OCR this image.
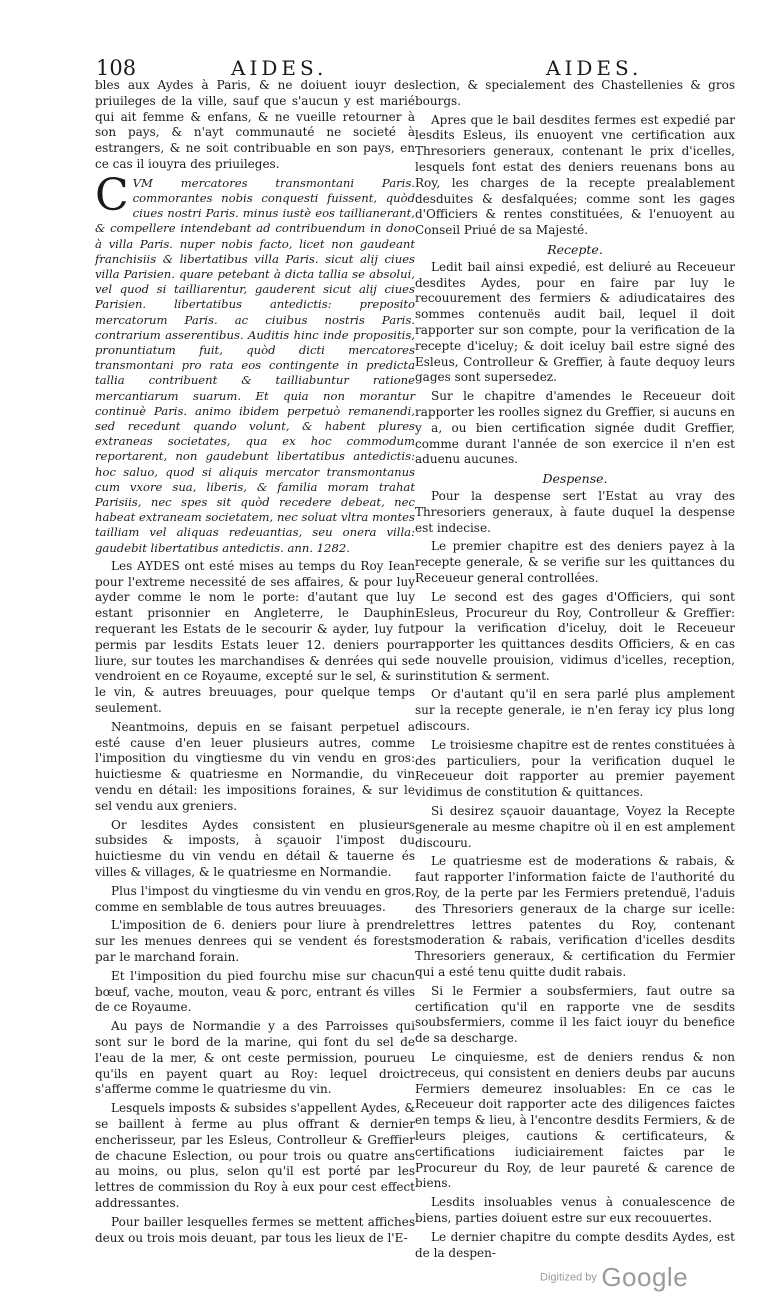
108	AIDES.	AIDES.

bles aux Aydes à Paris, & ne doiuent iouyr des priuileges de la ville, sauf que s'aucun y est marié qui ait femme & enfans, & ne vueille retourner à son pays, & n'ayt communauté ne societé à estrangers, & ne soit contribuable en son pays, en ce cas il iouyra des priuileges.

CVM mercatores transmontani Paris. commorantes nobis conquesti fuissent, quòd ciues nostri Paris. minus iustè eos taillianerant, & compellere intendebant ad contribuendum in dono à villa Paris. nuper nobis facto, licet non gaudeant franchisiis & libertatibus villa Paris. sicut alij ciues villa Parisien. quare petebant à dicta tallia se absolui, vel quod si tailliarentur, gauderent sicut alij ciues Parisien. libertatibus antedictis: preposito mercatorum Paris. ac ciuibus nostris Paris. contrarium asserentibus. Auditis hinc inde propositis, pronuntiatum fuit, quòd dicti mercatores transmontani pro rata eos contingente in predicta tallia contribuent & tailliabuntur ratione mercantiarum suarum. Et quia non morantur continuè Paris. animo ibidem perpetuò remanendi, sed recedunt quando volunt, & habent plures extraneas societates, qua ex hoc commodum reportarent, non gaudebunt libertatibus antedictis: hoc saluo, quod si aliquis mercator transmontanus cum vxore sua, liberis, & familia moram trahat Parisiis, nec spes sit quòd recedere debeat, nec habeat extraneam societatem, nec soluat vltra montes tailliam vel aliquas redeuantias, seu onera villa: gaudebit libertatibus antedictis. ann. 1282.

Les AYDES ont esté mises au temps du Roy Iean pour l'extreme necessité de ses affaires, & pour luy ayder comme le nom le porte: d'autant que luy estant prisonnier en Angleterre, le Dauphin requerant les Estats de le secourir & ayder, luy fut permis par lesdits Estats leuer 12. deniers pour liure, sur toutes les marchandises & denrées qui se vendroient en ce Royaume, excepté sur le sel, & sur le vin, & autres breuuages, pour quelque temps seulement.

Neantmoins, depuis en se faisant perpetuel a esté cause d'en leuer plusieurs autres, comme l'imposition du vingtiesme du vin vendu en gros: huictiesme & quatriesme en Normandie, du vin vendu en détail: les impositions foraines, & sur le sel vendu aux greniers.

Or lesdites Aydes consistent en plusieurs subsides & imposts, à sçauoir l'impost du huictiesme du vin vendu en détail & tauerne és villes & villages, & le quatriesme en Normandie.

Plus l'impost du vingtiesme du vin vendu en gros, comme en semblable de tous autres breuuages.

L'imposition de 6. deniers pour liure à prendre sur les menues denrees qui se vendent és forests par le marchand forain.

Et l'imposition du pied fourchu mise sur chacun bœuf, vache, mouton, veau & porc, entrant és villes de ce Royaume.

Au pays de Normandie y a des Parroisses qui sont sur le bord de la marine, qui font du sel de l'eau de la mer, & ont ceste permission, pourueu qu'ils en payent quart au Roy: lequel droict s'afferme comme le quatriesme du vin.

Lesquels imposts & subsides s'appellent Aydes, & se baillent à ferme au plus offrant & dernier encherisseur, par les Esleus, Controlleur & Greffier de chacune Eslection, ou pour trois ou quatre ans au moins, ou plus, selon qu'il est porté par les lettres de commission du Roy à eux pour cest effect addressantes.

Pour bailler lesquelles fermes se mettent affiches deux ou trois mois deuant, par tous les lieux de l'E-

lection, & specialement des Chastellenies & gros bourgs.

Apres que le bail desdites fermes est expedié par lesdits Esleus, ils enuoyent vne certification aux Thresoriers generaux, contenant le prix d'icelles, lesquels font estat des deniers reuenans bons au Roy, les charges de la recepte prealablement desduites & desfalquées; comme sont les gages d'Officiers & rentes constituées, & l'enuoyent au Conseil Priué de sa Majesté.

Recepte.

Ledit bail ainsi expedié, est deliuré au Receueur desdites Aydes, pour en faire par luy le recouurement des fermiers & adiudicataires des sommes contenuës audit bail, lequel il doit rapporter sur son compte, pour la verification de la recepte d'iceluy; & doit iceluy bail estre signé des Esleus, Controlleur & Greffier, à faute dequoy leurs gages sont supersedez.

Sur le chapitre d'amendes le Receueur doit rapporter les roolles signez du Greffier, si aucuns en y a, ou bien certification signée dudit Greffier, comme durant l'année de son exercice il n'en est aduenu aucunes.

Despense.

Pour la despense sert l'Estat au vray des Thresoriers generaux, à faute duquel la despense est indecise.

Le premier chapitre est des deniers payez à la recepte generale, & se verifie sur les quittances du Receueur general controllées.

Le second est des gages d'Officiers, qui sont Esleus, Procureur du Roy, Controlleur & Greffier: pour la verification d'iceluy, doit le Receueur rapporter les quittances desdits Officiers, & en cas de nouvelle prouision, vidimus d'icelles, reception, institution & serment.

Or d'autant qu'il en sera parlé plus amplement sur la recepte generale, ie n'en feray icy plus long discours.

Le troisiesme chapitre est de rentes constituées à des particuliers, pour la verification duquel le Receueur doit rapporter au premier payement vidimus de constitution & quittances.

Si desirez sçauoir dauantage, Voyez la Recepte generale au mesme chapitre où il en est amplement discouru.

Le quatriesme est de moderations & rabais, & faut rapporter l'information faicte de l'authorité du Roy, de la perte par les Fermiers pretenduë, l'aduis des Thresoriers generaux de la charge sur icelle: lettres lettres patentes du Roy, contenant moderation & rabais, verification d'icelles desdits Thresoriers generaux, & certification du Fermier qui a esté tenu quitte dudit rabais.

Si le Fermier a soubsfermiers, faut outre sa certification qu'il en rapporte vne de sesdits soubsfermiers, comme il les faict iouyr du benefice de sa descharge.

Le cinquiesme, est de deniers rendus & non receus, qui consistent en deniers deubs par aucuns Fermiers demeurez insoluables: En ce cas le Receueur doit rapporter acte des diligences faictes en temps & lieu, à l'encontre desdits Fermiers, & de leurs pleiges, cautions & certificateurs, & certifications iudiciairement faictes par le Procureur du Roy, de leur paureté & carence de biens.

Lesdits insoluables venus à conualescence de biens, parties doiuent estre sur eux recouuertes.

Le dernier chapitre du compte desdits Aydes, est de la despen-

Digitized by Google
